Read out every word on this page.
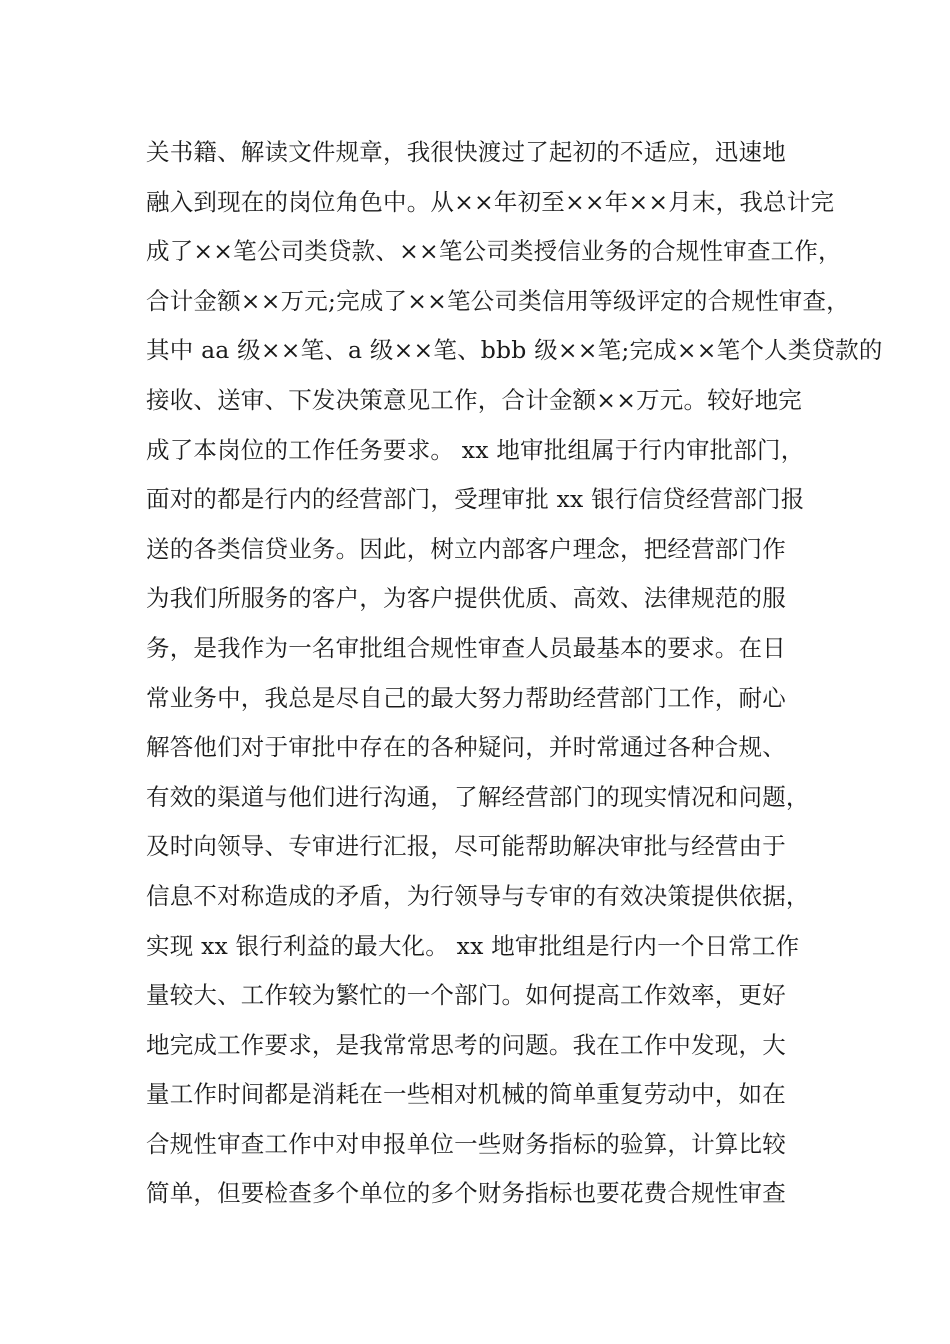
关书籍、解读文件规章，我很快渡过了起初的不适应，迅速地
融入到现在的岗位角色中。从××年初至××年××月末，我总计完
成了××笔公司类贷款、××笔公司类授信业务的合规性审查工作，
合计金额××万元;完成了××笔公司类信用等级评定的合规性审查，
其中 aa 级××笔、a 级××笔、bbb 级××笔;完成××笔个人类贷款的
接收、送审、下发决策意见工作，合计金额××万元。较好地完
成了本岗位的工作任务要求。 xx 地审批组属于行内审批部门，
面对的都是行内的经营部门，受理审批 xx 银行信贷经营部门报
送的各类信贷业务。因此，树立内部客户理念，把经营部门作
为我们所服务的客户，为客户提供优质、高效、法律规范的服
务，是我作为一名审批组合规性审查人员最基本的要求。在日
常业务中，我总是尽自己的最大努力帮助经营部门工作，耐心
解答他们对于审批中存在的各种疑问，并时常通过各种合规、
有效的渠道与他们进行沟通，了解经营部门的现实情况和问题，
及时向领导、专审进行汇报，尽可能帮助解决审批与经营由于
信息不对称造成的矛盾，为行领导与专审的有效决策提供依据，
实现 xx 银行利益的最大化。 xx 地审批组是行内一个日常工作
量较大、工作较为繁忙的一个部门。如何提高工作效率，更好
地完成工作要求，是我常常思考的问题。我在工作中发现，大
量工作时间都是消耗在一些相对机械的简单重复劳动中，如在
合规性审查工作中对申报单位一些财务指标的验算，计算比较
简单，但要检查多个单位的多个财务指标也要花费合规性审查
